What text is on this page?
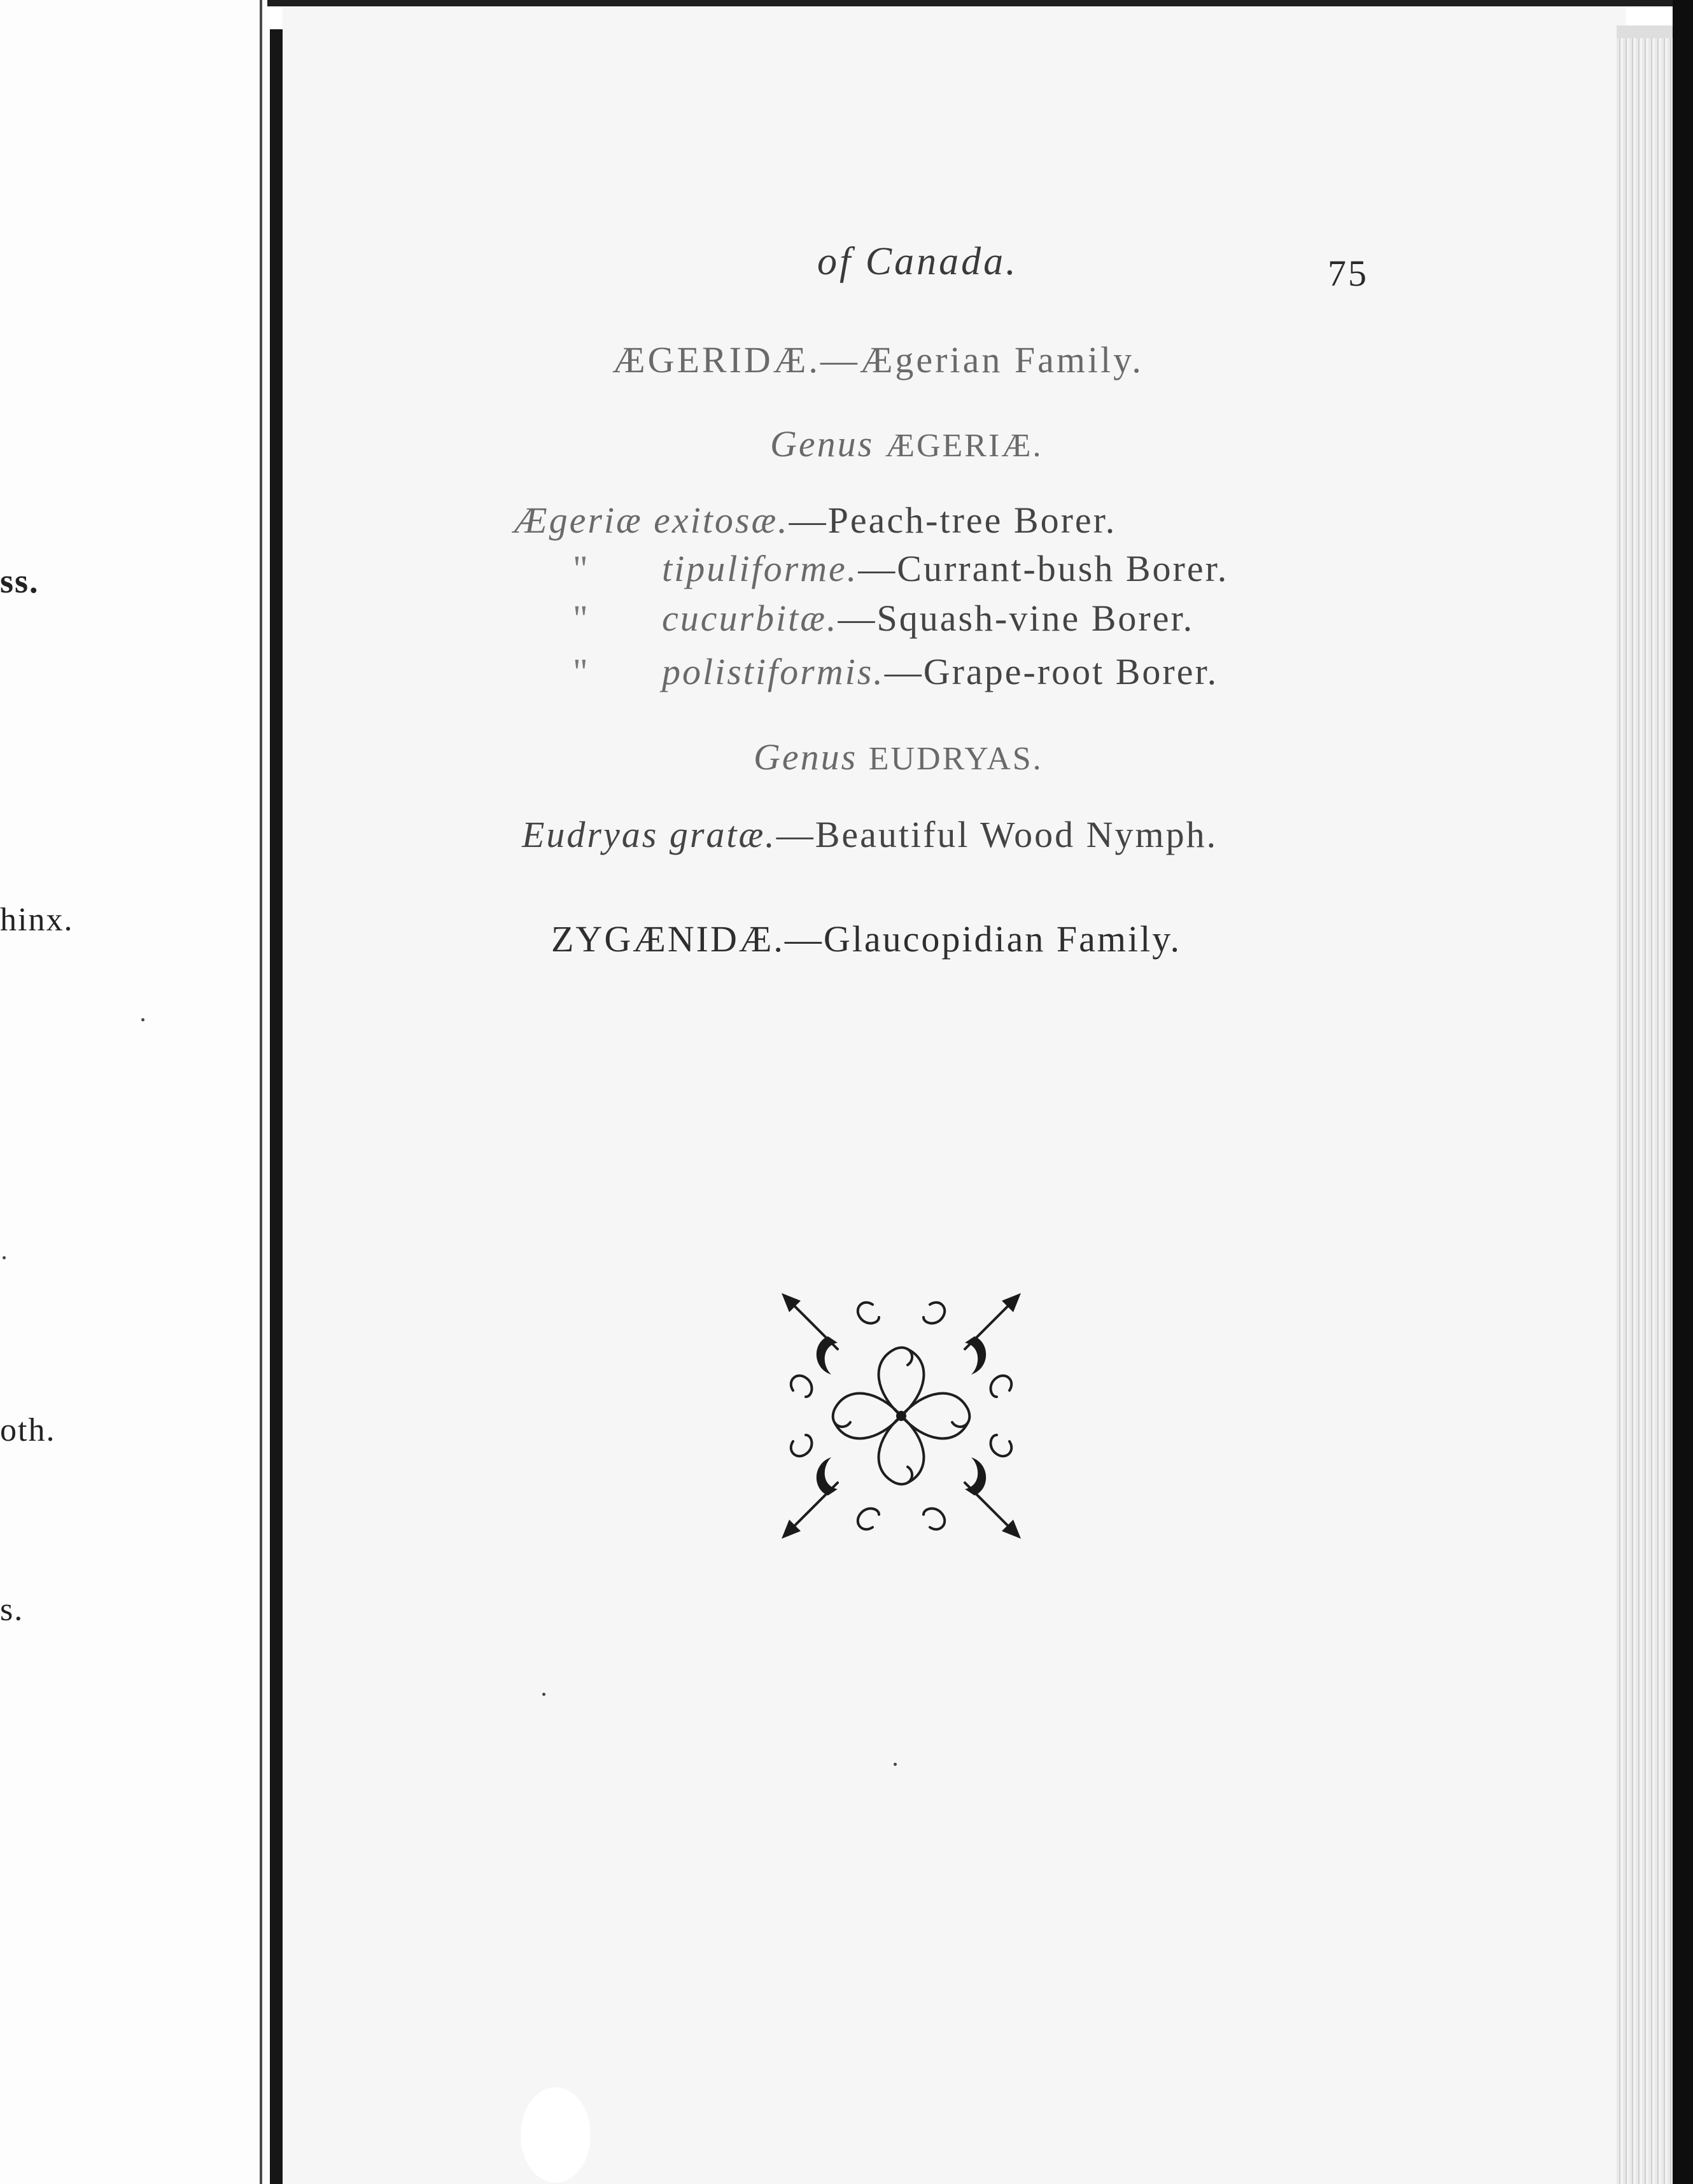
ss.
hinx.
oth.
s.
of Canada.	75
ÆGERIDÆ.—Ægerian Family.
Genus ÆGERIÆ.
Ægeriæ exitosæ.—Peach-tree Borer.
" tipuliforme.—Currant-bush Borer.
" cucurbitæ.—Squash-vine Borer.
" polistiformis.—Grape-root Borer.
Genus EUDRYAS.
Eudryas gratæ.—Beautiful Wood Nymph.
ZYGÆNIDÆ.—Glaucopidian Family.
